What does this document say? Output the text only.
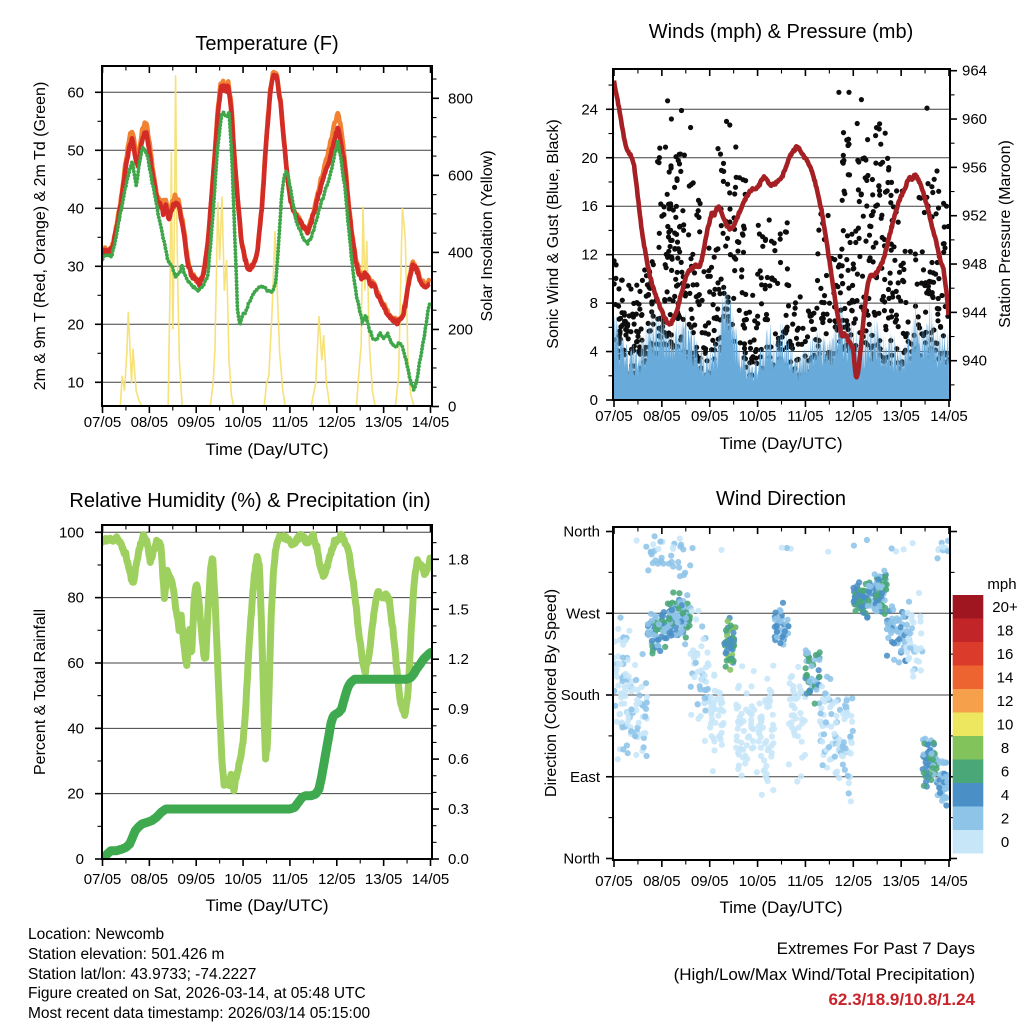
10
20
30
40
50
60
0
200
400
600
800
07/05 08/05 09/05 10/05 11/05 12/05 13/05 14/05
Temperature (F)
Time (Day/UTC)
2m & 9m T (Red, Orange) & 2m Td (Green)	Solar Insolation (Yellow)
0
4
8
12
16
20
24
940
944
948
952
956
960
964
07/05 08/05 09/05 10/05 11/05 12/05 13/05 14/05
Winds (mph) & Pressure (mb)
Time (Day/UTC)
Sonic Wind & Gust (Blue, Black)	Station Pressure (Maroon)
0
20
40
60
80
100
0.0
0.3
0.6
0.9
1.2
1.5
1.8
07/05 08/05 09/05 10/05 11/05 12/05 13/05 14/05
Relative Humidity (%) & Precipitation (in)
Time (Day/UTC)
Percent & Total Rainfall
North
West
South
East
North
07/05 08/05 09/05 10/05 11/05 12/05 13/05 14/05
Wind Direction
Time (Day/UTC)
Direction (Colored By Speed)	20+
18
16
14
12
10
8
6
4
2
0
mph
Location: Newcomb
Station elevation: 501.426 m
Station lat/lon: 43.9733; -74.2227
Figure created on Sat, 2026-03-14, at 05:48 UTC
Most recent data timestamp: 2026/03/14 05:15:00
Extremes For Past 7 Days
(High/Low/Max Wind/Total Precipitation)
62.3/18.9/10.8/1.24
